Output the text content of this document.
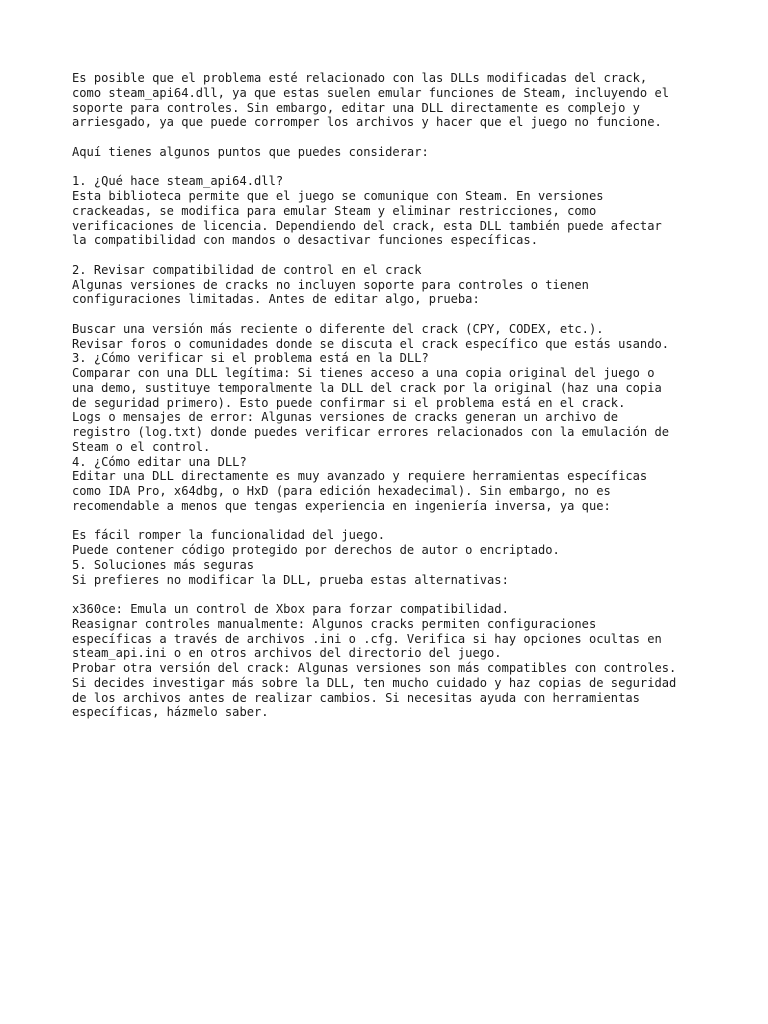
Es posible que el problema esté relacionado con las DLLs modificadas del crack,
como steam_api64.dll, ya que estas suelen emular funciones de Steam, incluyendo el
soporte para controles. Sin embargo, editar una DLL directamente es complejo y
arriesgado, ya que puede corromper los archivos y hacer que el juego no funcione.
Aquí tienes algunos puntos que puedes considerar:
1. ¿Qué hace steam_api64.dll?
Esta biblioteca permite que el juego se comunique con Steam. En versiones
crackeadas, se modifica para emular Steam y eliminar restricciones, como
verificaciones de licencia. Dependiendo del crack, esta DLL también puede afectar
la compatibilidad con mandos o desactivar funciones específicas.
2. Revisar compatibilidad de control en el crack
Algunas versiones de cracks no incluyen soporte para controles o tienen
configuraciones limitadas. Antes de editar algo, prueba:
Buscar una versión más reciente o diferente del crack (CPY, CODEX, etc.).
Revisar foros o comunidades donde se discuta el crack específico que estás usando.
3. ¿Cómo verificar si el problema está en la DLL?
Comparar con una DLL legítima: Si tienes acceso a una copia original del juego o
una demo, sustituye temporalmente la DLL del crack por la original (haz una copia
de seguridad primero). Esto puede confirmar si el problema está en el crack.
Logs o mensajes de error: Algunas versiones de cracks generan un archivo de
registro (log.txt) donde puedes verificar errores relacionados con la emulación de
Steam o el control.
4. ¿Cómo editar una DLL?
Editar una DLL directamente es muy avanzado y requiere herramientas específicas
como IDA Pro, x64dbg, o HxD (para edición hexadecimal). Sin embargo, no es
recomendable a menos que tengas experiencia en ingeniería inversa, ya que:
Es fácil romper la funcionalidad del juego.
Puede contener código protegido por derechos de autor o encriptado.
5. Soluciones más seguras
Si prefieres no modificar la DLL, prueba estas alternativas:
x360ce: Emula un control de Xbox para forzar compatibilidad.
Reasignar controles manualmente: Algunos cracks permiten configuraciones
específicas a través de archivos .ini o .cfg. Verifica si hay opciones ocultas en
steam_api.ini o en otros archivos del directorio del juego.
Probar otra versión del crack: Algunas versiones son más compatibles con controles.
Si decides investigar más sobre la DLL, ten mucho cuidado y haz copias de seguridad
de los archivos antes de realizar cambios. Si necesitas ayuda con herramientas
específicas, házmelo saber.
